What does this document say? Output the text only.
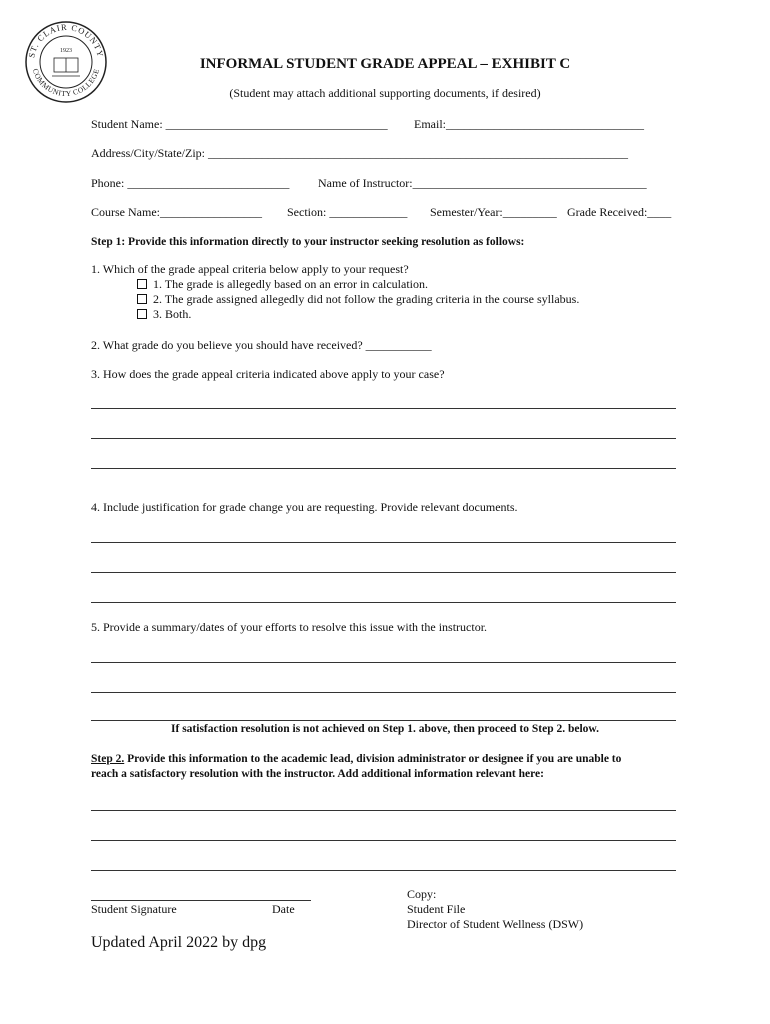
ST. CLAIR COUNTY
COMMUNITY COLLEGE
1923
INFORMAL STUDENT GRADE APPEAL – EXHIBIT C
(Student may attach additional supporting documents, if desired)
Student Name: _____________________________________ Email:_________________________________
Address/City/State/Zip: ______________________________________________________________________
Phone: ___________________________ Name of Instructor:_______________________________________
Course Name:_________________ Section: _____________ Semester/Year:_________ Grade Received:____
Step 1: Provide this information directly to your instructor seeking resolution as follows:
1. Which of the grade appeal criteria below apply to your request?
1. The grade is allegedly based on an error in calculation.
2. The grade assigned allegedly did not follow the grading criteria in the course syllabus.
3. Both.
2. What grade do you believe you should have received? ___________
3. How does the grade appeal criteria indicated above apply to your case?
4. Include justification for grade change you are requesting. Provide relevant documents.
5. Provide a summary/dates of your efforts to resolve this issue with the instructor.
If satisfaction resolution is not achieved on Step 1. above, then proceed to Step 2. below.
Step 2. Provide this information to the academic lead, division administrator or designee if you are unable to
reach a satisfactory resolution with the instructor. Add additional information relevant here:
Student Signature	Date
Copy:
Student File
Director of Student Wellness (DSW)
Updated April 2022 by dpg
